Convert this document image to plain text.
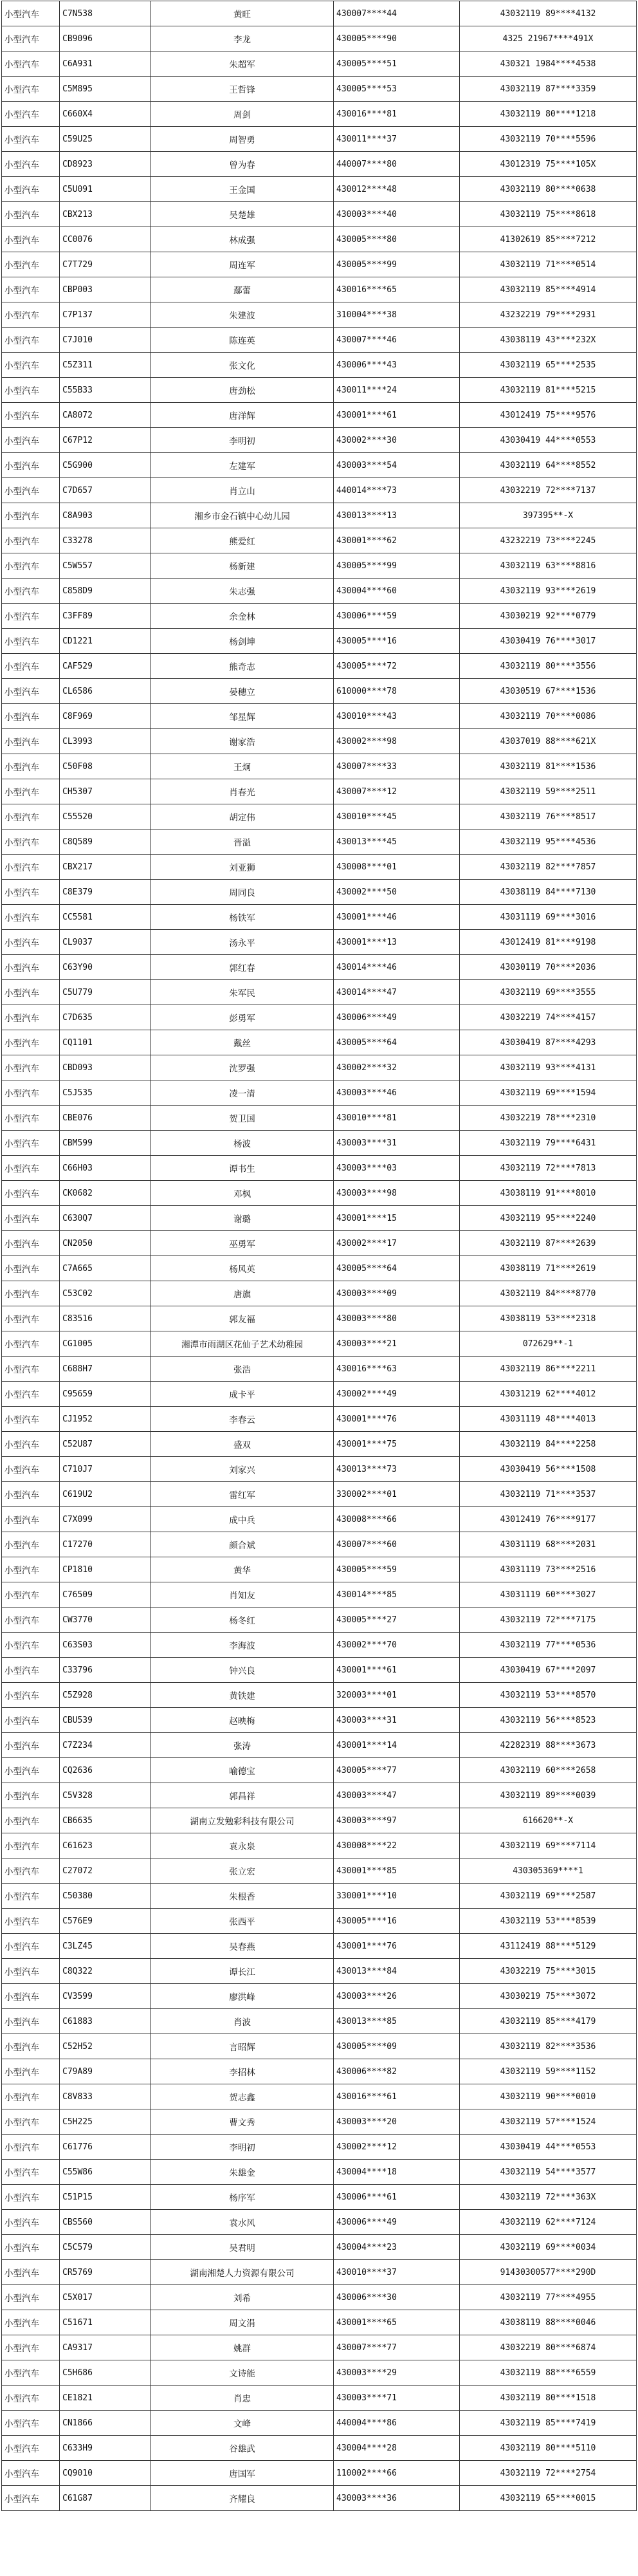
小型汽车	C7N538	黄旺	430007****44	43032119 89****4132
小型汽车	CB9096	李龙	430005****90	4325 21967****491X
小型汽车	C6A931	朱超军	430005****51	430321 1984****4538
小型汽车	C5M895	王哲锋	430005****53	43032119 87****3359
小型汽车	C660X4	周剑	430016****81	43032119 80****1218
小型汽车	C59U25	周智勇	430011****37	43032119 70****5596
小型汽车	CD8923	曾为春	440007****80	43012319 75****105X
小型汽车	C5U091	王金国	430012****48	43032119 80****0638
小型汽车	CBX213	吴楚雄	430003****40	43032119 75****8618
小型汽车	CC0076	林成强	430005****80	41302619 85****7212
小型汽车	C7T729	周连军	430005****99	43032119 71****0514
小型汽车	CBP003	鄢蕾	430016****65	43032119 85****4914
小型汽车	C7P137	朱建波	310004****38	43232219 79****2931
小型汽车	C7J010	陈连英	430007****46	43038119 43****232X
小型汽车	C5Z311	张文化	430006****43	43032119 65****2535
小型汽车	C55B33	唐劲松	430011****24	43032119 81****5215
小型汽车	CA8072	唐洋辉	430001****61	43012419 75****9576
小型汽车	C67P12	李明初	430002****30	43030419 44****0553
小型汽车	C5G900	左建军	430003****54	43032119 64****8552
小型汽车	C7D657	肖立山	440014****73	43032219 72****7137
小型汽车	C8A903	湘乡市金石镇中心幼儿园	430013****13	397395**-X
小型汽车	C33278	熊爱红	430001****62	43232219 73****2245
小型汽车	C5W557	杨新建	430005****99	43032119 63****8816
小型汽车	C858D9	朱志强	430004****60	43032119 93****2619
小型汽车	C3FF89	余金林	430006****59	43030219 92****0779
小型汽车	CD1221	杨剑坤	430005****16	43030419 76****3017
小型汽车	CAF529	熊奇志	430005****72	43032119 80****3556
小型汽车	CL6586	晏穗立	610000****78	43030519 67****1536
小型汽车	C8F969	邹星辉	430010****43	43032119 70****0086
小型汽车	CL3993	谢家浩	430002****98	43037019 88****621X
小型汽车	C50F08	王炯	430007****33	43032119 81****1536
小型汽车	CH5307	肖春光	430007****12	43032119 59****2511
小型汽车	C55520	胡定伟	430010****45	43032119 76****8517
小型汽车	C8Q589	晋溢	430013****45	43032119 95****4536
小型汽车	CBX217	刘亚狮	430008****01	43032119 82****7857
小型汽车	C8E379	周同良	430002****50	43038119 84****7130
小型汽车	CC5581	杨铁军	430001****46	43031119 69****3016
小型汽车	CL9037	汤永平	430001****13	43012419 81****9198
小型汽车	C63Y90	郭红春	430014****46	43030119 70****2036
小型汽车	C5U779	朱军民	430014****47	43032119 69****3555
小型汽车	C7D635	彭勇军	430006****49	43032219 74****4157
小型汽车	CQ1101	戴丝	430005****64	43030419 87****4293
小型汽车	CBD093	沈罗强	430002****32	43032119 93****4131
小型汽车	C5J535	凌一清	430003****46	43032119 69****1594
小型汽车	CBE076	贺卫国	430010****81	43032219 78****2310
小型汽车	CBM599	杨波	430003****31	43032119 79****6431
小型汽车	C66H03	谭书生	430003****03	43032119 72****7813
小型汽车	CK0682	邓枫	430003****98	43038119 91****8010
小型汽车	C630Q7	谢璐	430001****15	43032119 95****2240
小型汽车	CN2050	巫勇军	430002****17	43032119 87****2639
小型汽车	C7A665	杨风英	430005****64	43038119 71****2619
小型汽车	C53C02	唐旗	430003****09	43032119 84****8770
小型汽车	C83516	郭友福	430003****80	43038119 53****2318
小型汽车	CG1005	湘潭市雨湖区花仙子艺术幼稚园	430003****21	072629**-1
小型汽车	C688H7	张浩	430016****63	43032119 86****2211
小型汽车	C95659	成卡平	430002****49	43031219 62****4012
小型汽车	CJ1952	李春云	430001****76	43031119 48****4013
小型汽车	C52U87	盛双	430001****75	43032119 84****2258
小型汽车	C710J7	刘家兴	430013****73	43030419 56****1508
小型汽车	C619U2	雷红军	330002****01	43032119 71****3537
小型汽车	C7X099	成中兵	430008****66	43012419 76****9177
小型汽车	C17270	颜合斌	430007****60	43031119 68****2031
小型汽车	CP1810	黄华	430005****59	43031119 73****2516
小型汽车	C76509	肖知友	430014****85	43031119 60****3027
小型汽车	CW3770	杨冬红	430005****27	43032119 72****7175
小型汽车	C63S03	李海波	430002****70	43032119 77****0536
小型汽车	C33796	钟兴良	430001****61	43030419 67****2097
小型汽车	C5Z928	黄铁建	320003****01	43032119 53****8570
小型汽车	CBU539	赵映梅	430003****31	43032119 56****8523
小型汽车	C7Z234	张涛	430001****14	42282319 88****3673
小型汽车	CQ2636	喻德宝	430005****77	43032119 60****2658
小型汽车	C5V328	郭昌祥	430003****47	43032119 89****0039
小型汽车	CB6635	湖南立发勉彩科技有限公司	430003****97	616620**-X
小型汽车	C61623	袁永泉	430008****22	43032119 69****7114
小型汽车	C27072	张立宏	430001****85	430305369****1
小型汽车	C50380	朱根香	330001****10	43032119 69****2587
小型汽车	C576E9	张西平	430005****16	43032119 53****8539
小型汽车	C3LZ45	吴春燕	430001****76	43112419 88****5129
小型汽车	C8Q322	谭长江	430013****84	43032219 75****3015
小型汽车	CV3599	廖洪峰	430003****26	43030219 75****3072
小型汽车	C61883	肖波	430013****85	43032119 85****4179
小型汽车	C52H52	言昭辉	430005****09	43032119 82****3536
小型汽车	C79A89	李招林	430006****82	43032119 59****1152
小型汽车	C8V833	贺志鑫	430016****61	43032119 90****0010
小型汽车	C5H225	曹文秀	430003****20	43032119 57****1524
小型汽车	C61776	李明初	430002****12	43030419 44****0553
小型汽车	C55W86	朱雄金	430004****18	43032119 54****3577
小型汽车	C51P15	杨序军	430006****61	43032119 72****363X
小型汽车	CBS560	袁水风	430006****49	43032119 62****7124
小型汽车	C5C579	吴君明	430004****23	43032119 69****0034
小型汽车	CR5769	湖南湘楚人力资源有限公司	430010****37	91430300577****290D
小型汽车	C5X017	刘希	430006****30	43032119 77****4955
小型汽车	C51671	周文涓	430001****65	43038119 88****0046
小型汽车	CA9317	姚群	430007****77	43032219 80****6874
小型汽车	C5H686	文诗能	430003****29	43032119 88****6559
小型汽车	CE1821	肖忠	430003****71	43032119 80****1518
小型汽车	CN1866	文峰	440004****86	43032119 85****7419
小型汽车	C633H9	谷雄武	430004****28	43032119 80****5110
小型汽车	CQ9010	唐国军	110002****66	43032119 72****2754
小型汽车	C61G87	齐耀良	430003****36	43032119 65****0015
